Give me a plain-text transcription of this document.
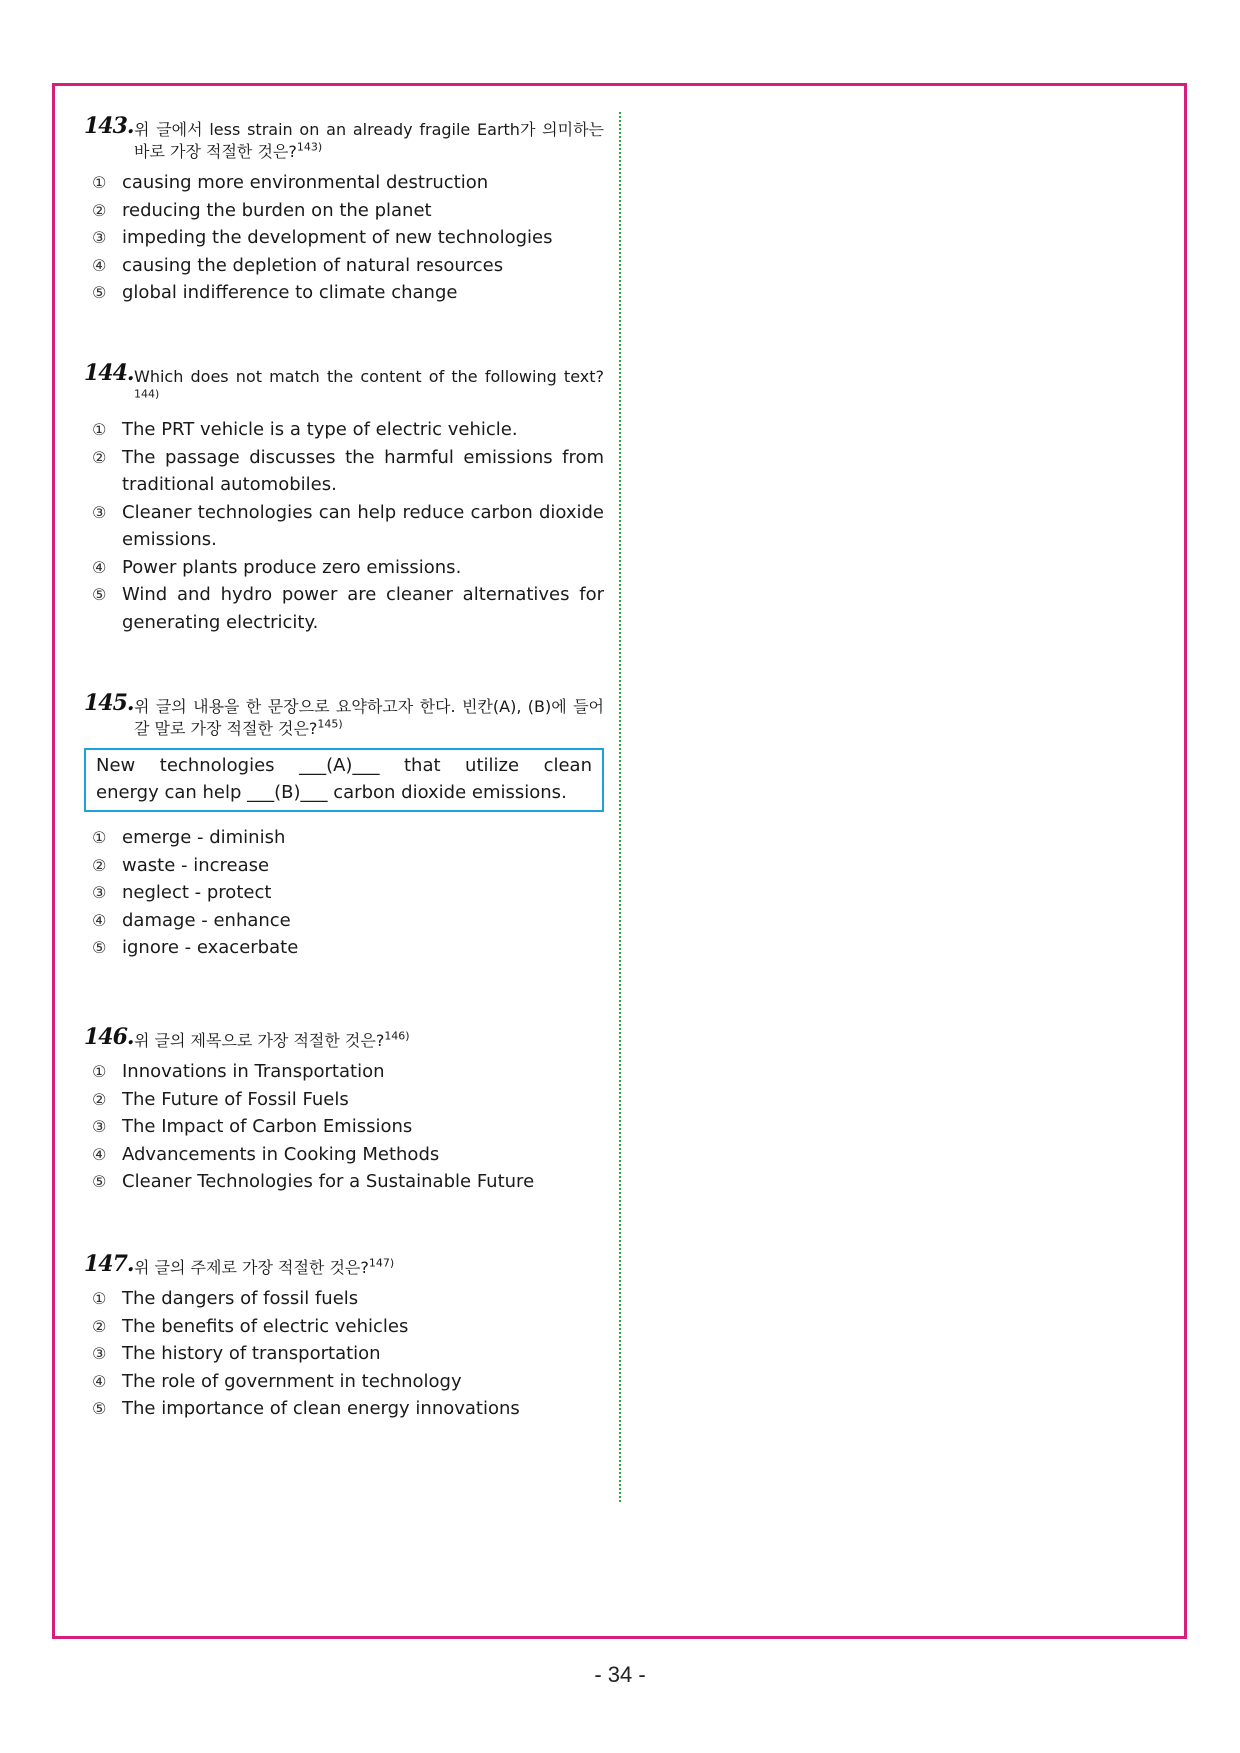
143. 위 글에서 less strain on an already fragile Earth가 의미하는 바로 가장 적절한 것은?$^{143)}$
① causing more environmental destruction
② reducing the burden on the planet
③ impeding the development of new technologies
④ causing the depletion of natural resources
⑤ global indifference to climate change
144. Which does not match the content of the following text?$^{144)}$
① The PRT vehicle is a type of electric vehicle.
② The passage discusses the harmful emissions from traditional automobiles.
③ Cleaner technologies can help reduce carbon dioxide emissions.
④ Power plants produce zero emissions.
⑤ Wind and hydro power are cleaner alternatives for generating electricity.
145. 위 글의 내용을 한 문장으로 요약하고자 한다. 빈칸(A), (B)에 들어갈 말로 가장 적절한 것은?$^{145)}$
New technologies ___(A)___ that utilize clean
energy can help ___(B)___ carbon dioxide emissions.
① emerge - diminish
② waste - increase
③ neglect - protect
④ damage - enhance
⑤ ignore - exacerbate
146. 위 글의 제목으로 가장 적절한 것은?$^{146)}$
① Innovations in Transportation
② The Future of Fossil Fuels
③ The Impact of Carbon Emissions
④ Advancements in Cooking Methods
⑤ Cleaner Technologies for a Sustainable Future
147. 위 글의 주제로 가장 적절한 것은?$^{147)}$
① The dangers of fossil fuels
② The benefits of electric vehicles
③ The history of transportation
④ The role of government in technology
⑤ The importance of clean energy innovations
- 34 -
